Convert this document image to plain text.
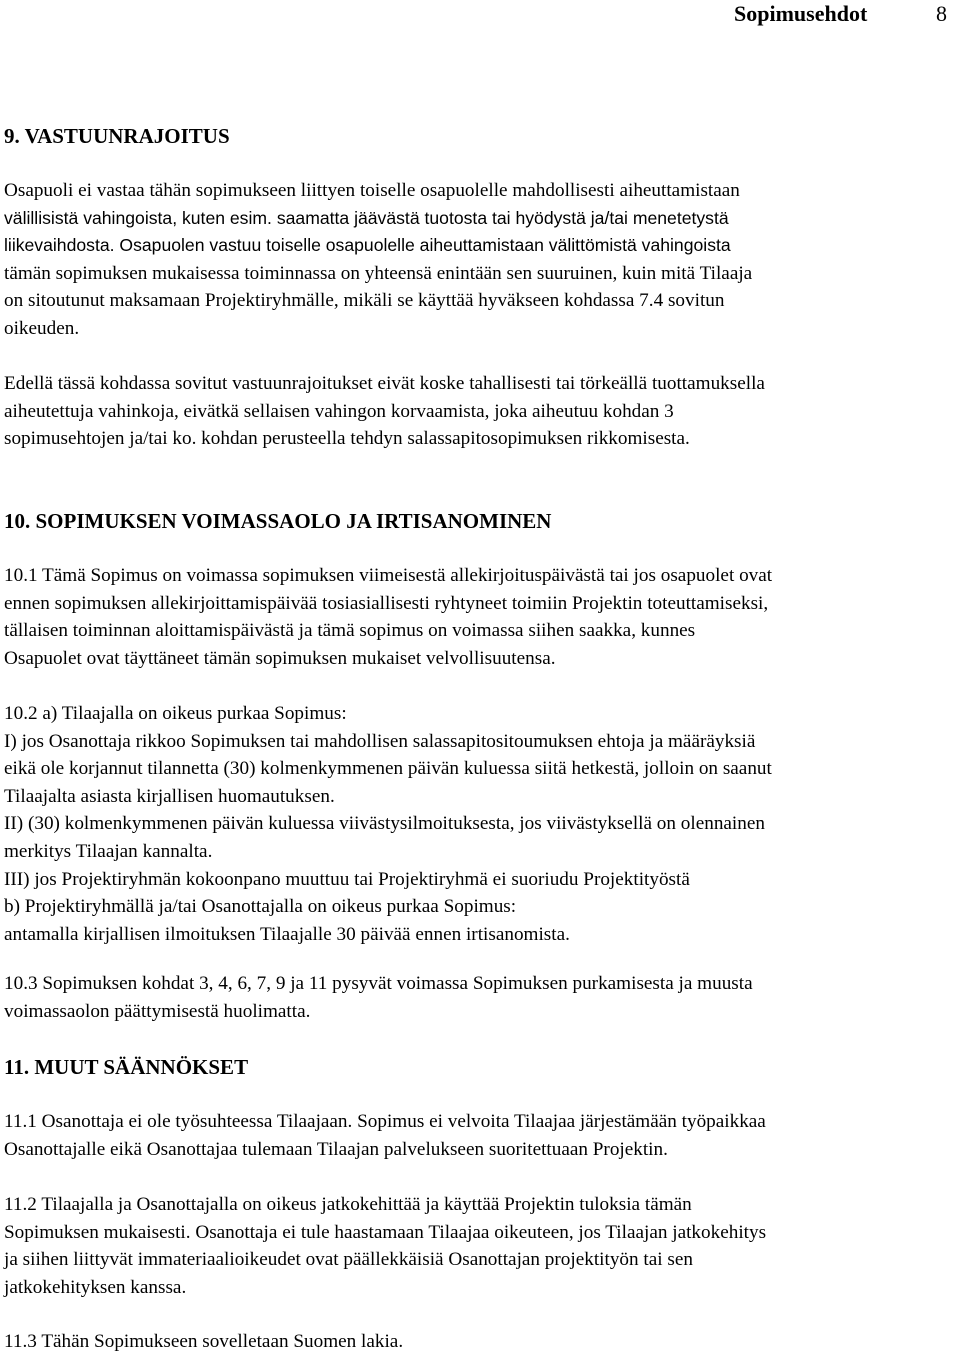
Sopimusehdot	8
9. VASTUUNRAJOITUS
Osapuoli ei vastaa tähän sopimukseen liittyen toiselle osapuolelle mahdollisesti aiheuttamistaan
välillisistä vahingoista, kuten esim. saamatta jäävästä tuotosta tai hyödystä ja/tai menetetystä
liikevaihdosta. Osapuolen vastuu toiselle osapuolelle aiheuttamistaan välittömistä vahingoista
tämän sopimuksen mukaisessa toiminnassa on yhteensä enintään sen suuruinen, kuin mitä Tilaaja
on sitoutunut maksamaan Projektiryhmälle, mikäli se käyttää hyväkseen kohdassa 7.4 sovitun
oikeuden.
Edellä tässä kohdassa sovitut vastuunrajoitukset eivät koske tahallisesti tai törkeällä tuottamuksella
aiheutettuja vahinkoja, eivätkä sellaisen vahingon korvaamista, joka aiheutuu kohdan 3
sopimusehtojen ja/tai ko. kohdan perusteella tehdyn salassapitosopimuksen rikkomisesta.
10. SOPIMUKSEN VOIMASSAOLO JA IRTISANOMINEN
10.1 Tämä Sopimus on voimassa sopimuksen viimeisestä allekirjoituspäivästä tai jos osapuolet ovat
ennen sopimuksen allekirjoittamispäivää tosiasiallisesti ryhtyneet toimiin Projektin toteuttamiseksi,
tällaisen toiminnan aloittamispäivästä ja tämä sopimus on voimassa siihen saakka, kunnes
Osapuolet ovat täyttäneet tämän sopimuksen mukaiset velvollisuutensa.
10.2 a) Tilaajalla on oikeus purkaa Sopimus:
I) jos Osanottaja rikkoo Sopimuksen tai mahdollisen salassapitositoumuksen ehtoja ja määräyksiä
eikä ole korjannut tilannetta (30) kolmenkymmenen päivän kuluessa siitä hetkestä, jolloin on saanut
Tilaajalta asiasta kirjallisen huomautuksen.
II) (30) kolmenkymmenen päivän kuluessa viivästysilmoituksesta, jos viivästyksellä on olennainen
merkitys Tilaajan kannalta.
III) jos Projektiryhmän kokoonpano muuttuu tai Projektiryhmä ei suoriudu Projektityöstä
b) Projektiryhmällä ja/tai Osanottajalla on oikeus purkaa Sopimus:
antamalla kirjallisen ilmoituksen Tilaajalle 30 päivää ennen irtisanomista.
10.3 Sopimuksen kohdat 3, 4, 6, 7, 9 ja 11 pysyvät voimassa Sopimuksen purkamisesta ja muusta
voimassaolon päättymisestä huolimatta.
11. MUUT SÄÄNNÖKSET
11.1 Osanottaja ei ole työsuhteessa Tilaajaan. Sopimus ei velvoita Tilaajaa järjestämään työpaikkaa
Osanottajalle eikä Osanottajaa tulemaan Tilaajan palvelukseen suoritettuaan Projektin.
11.2 Tilaajalla ja Osanottajalla on oikeus jatkokehittää ja käyttää Projektin tuloksia tämän
Sopimuksen mukaisesti. Osanottaja ei tule haastamaan Tilaajaa oikeuteen, jos Tilaajan jatkokehitys
ja siihen liittyvät immateriaalioikeudet ovat päällekkäisiä Osanottajan projektityön tai sen
jatkokehityksen kanssa.
11.3 Tähän Sopimukseen sovelletaan Suomen lakia.
